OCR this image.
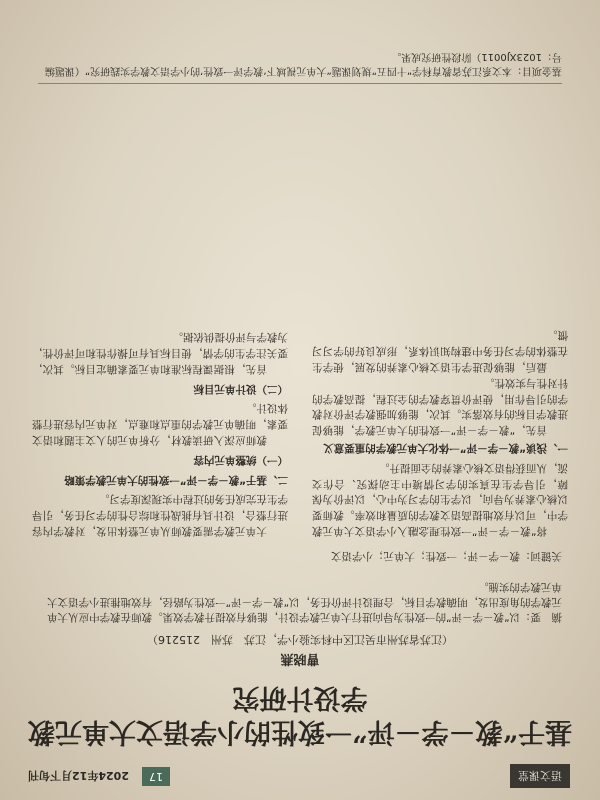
语文课堂
17
2024年12月下旬刊
基于“教－学－评”一致性的小学语文大单元教学设计研究
曹晓燕
（江苏省苏州市吴江区中科实验小学，江苏　苏州　215216）
摘　要：以“教－学－评”的一致性为导向进行大单元教学设计，能够有效提升教学效果。教师在教学中应从大单元教学的角度出发，明确教学目标，合理设计评价任务，以“教－学－评”一致性为路径，有效地推进小学语文大单元教学的实施。
关键词：教－学－评；一致性；大单元；小学语文

将“教－学－评”一致性理念融入小学语文大单元教学中，可以有效地提高语文教学的质量和效率。教师要以核心素养为导向，以学生的学习为中心，以评价为保障，引导学生在真实的学习情境中主动探究、合作交流，从而获得语文核心素养的全面提升。

一、浅谈“教－学－评”一体化大单元教学的重要意义

首先，“教－学－评”一致性的大单元教学，能够促进教学目标的有效落实。其次，能够加强教学评价对教学的引导作用，使评价贯穿教学的全过程，提高教学的针对性与实效性。

最后，能够促进学生语文核心素养的发展，使学生在整体的学习任务中建构知识体系，形成良好的学习习惯。

大单元教学需要教师从单元整体出发，对教学内容进行整合，设计具有挑战性和综合性的学习任务，引导学生在完成任务的过程中实现深度学习。

二、基于“教－学－评”一致性的大单元教学策略
（一）统整单元内容

教师应深入研读教材，分析单元的人文主题和语文要素，明确单元教学的重点和难点，对单元内容进行整体设计。

（二）设计单元目标

首先，根据课程标准和单元要素确定目标。其次，要关注学生的学情，使目标具有可操作性和可评价性，为教学与评价提供依据。

基金项目：本文系江苏省教育科学“十四五”规划课题“大单元视域下‘教学评一致性’的小学语文教学实践研究”（课题编号：1023XJ0011）阶段性研究成果。
